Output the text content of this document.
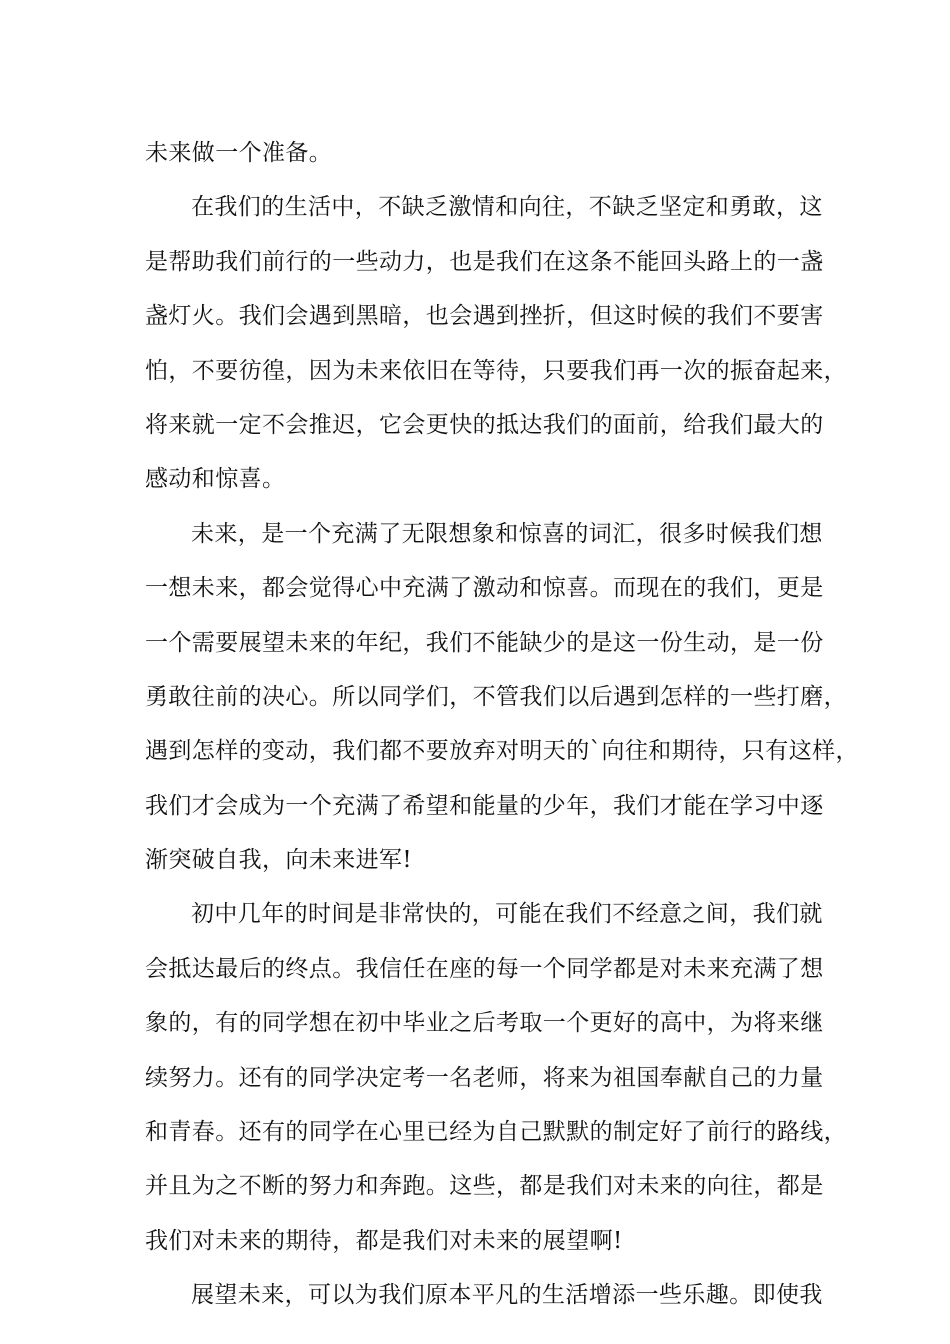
未来做一个准备。
在我们的生活中，不缺乏激情和向往，不缺乏坚定和勇敢，这
是帮助我们前行的一些动力，也是我们在这条不能回头路上的一盏
盏灯火。我们会遇到黑暗，也会遇到挫折，但这时候的我们不要害
怕，不要彷徨，因为未来依旧在等待，只要我们再一次的振奋起来，
将来就一定不会推迟，它会更快的抵达我们的面前，给我们最大的
感动和惊喜。
未来，是一个充满了无限想象和惊喜的词汇，很多时候我们想
一想未来，都会觉得心中充满了激动和惊喜。而现在的我们，更是
一个需要展望未来的年纪，我们不能缺少的是这一份生动，是一份
勇敢往前的决心。所以同学们，不管我们以后遇到怎样的一些打磨，
遇到怎样的变动，我们都不要放弃对明天的`向往和期待，只有这样，
我们才会成为一个充满了希望和能量的少年，我们才能在学习中逐
渐突破自我，向未来进军!
初中几年的时间是非常快的，可能在我们不经意之间，我们就
会抵达最后的终点。我信任在座的每一个同学都是对未来充满了想
象的，有的同学想在初中毕业之后考取一个更好的高中，为将来继
续努力。还有的同学决定考一名老师，将来为祖国奉献自己的力量
和青春。还有的同学在心里已经为自己默默的制定好了前行的路线，
并且为之不断的努力和奔跑。这些，都是我们对未来的向往，都是
我们对未来的期待，都是我们对未来的展望啊!
展望未来，可以为我们原本平凡的生活增添一些乐趣。即使我
